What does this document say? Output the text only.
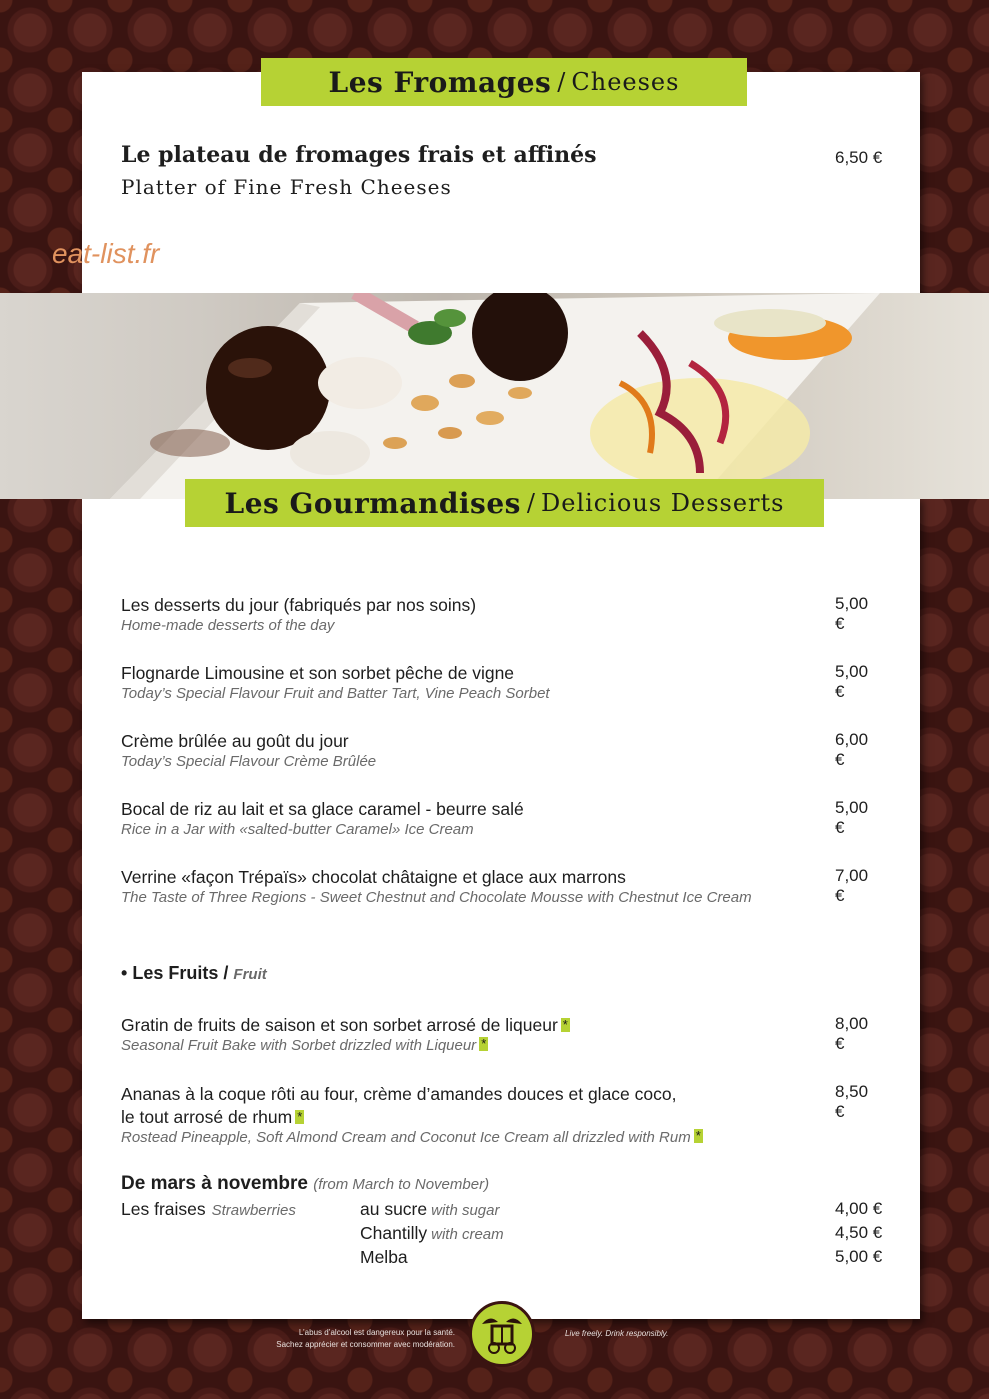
Les Fromages / Cheeses
Le plateau de fromages frais et affinés
Platter of Fine Fresh Cheeses
6,50 €
eat-list.fr
Les Gourmandises / Delicious Desserts
Les desserts du jour (fabriqués par nos soins)
Home-made desserts of the day
5,00 €
Flognarde Limousine et son sorbet pêche de vigne
Today’s Special Flavour Fruit and Batter Tart, Vine Peach Sorbet
5,00 €
Crème brûlée au goût du jour
Today’s Special Flavour Crème Brûlée
6,00 €
Bocal de riz au lait et sa glace caramel - beurre salé
Rice in a Jar with «salted-butter Caramel» Ice Cream
5,00 €
Verrine «façon Trépaïs» chocolat châtaigne et glace aux marrons
The Taste of Three Regions - Sweet Chestnut and Chocolate Mousse with Chestnut Ice Cream
7,00 €
• Les Fruits / Fruit
Gratin de fruits de saison et son sorbet arrosé de liqueur *
Seasonal Fruit Bake with Sorbet drizzled with Liqueur *
8,00 €
Ananas à la coque rôti au four, crème d’amandes douces et glace coco,
le tout arrosé de rhum *
Rostead Pineapple, Soft Almond Cream and Coconut Ice Cream all drizzled with Rum *
8,50 €
De mars à novembre (from March to November)
Les fraises Strawberries	au sucre with sugar	4,00 €
Chantilly with cream	4,50 €
Melba	5,00 €
L’abus d’alcool est dangereux pour la santé.
Sachez apprécier et consommer avec modération.
Live freely. Drink responsibly.
